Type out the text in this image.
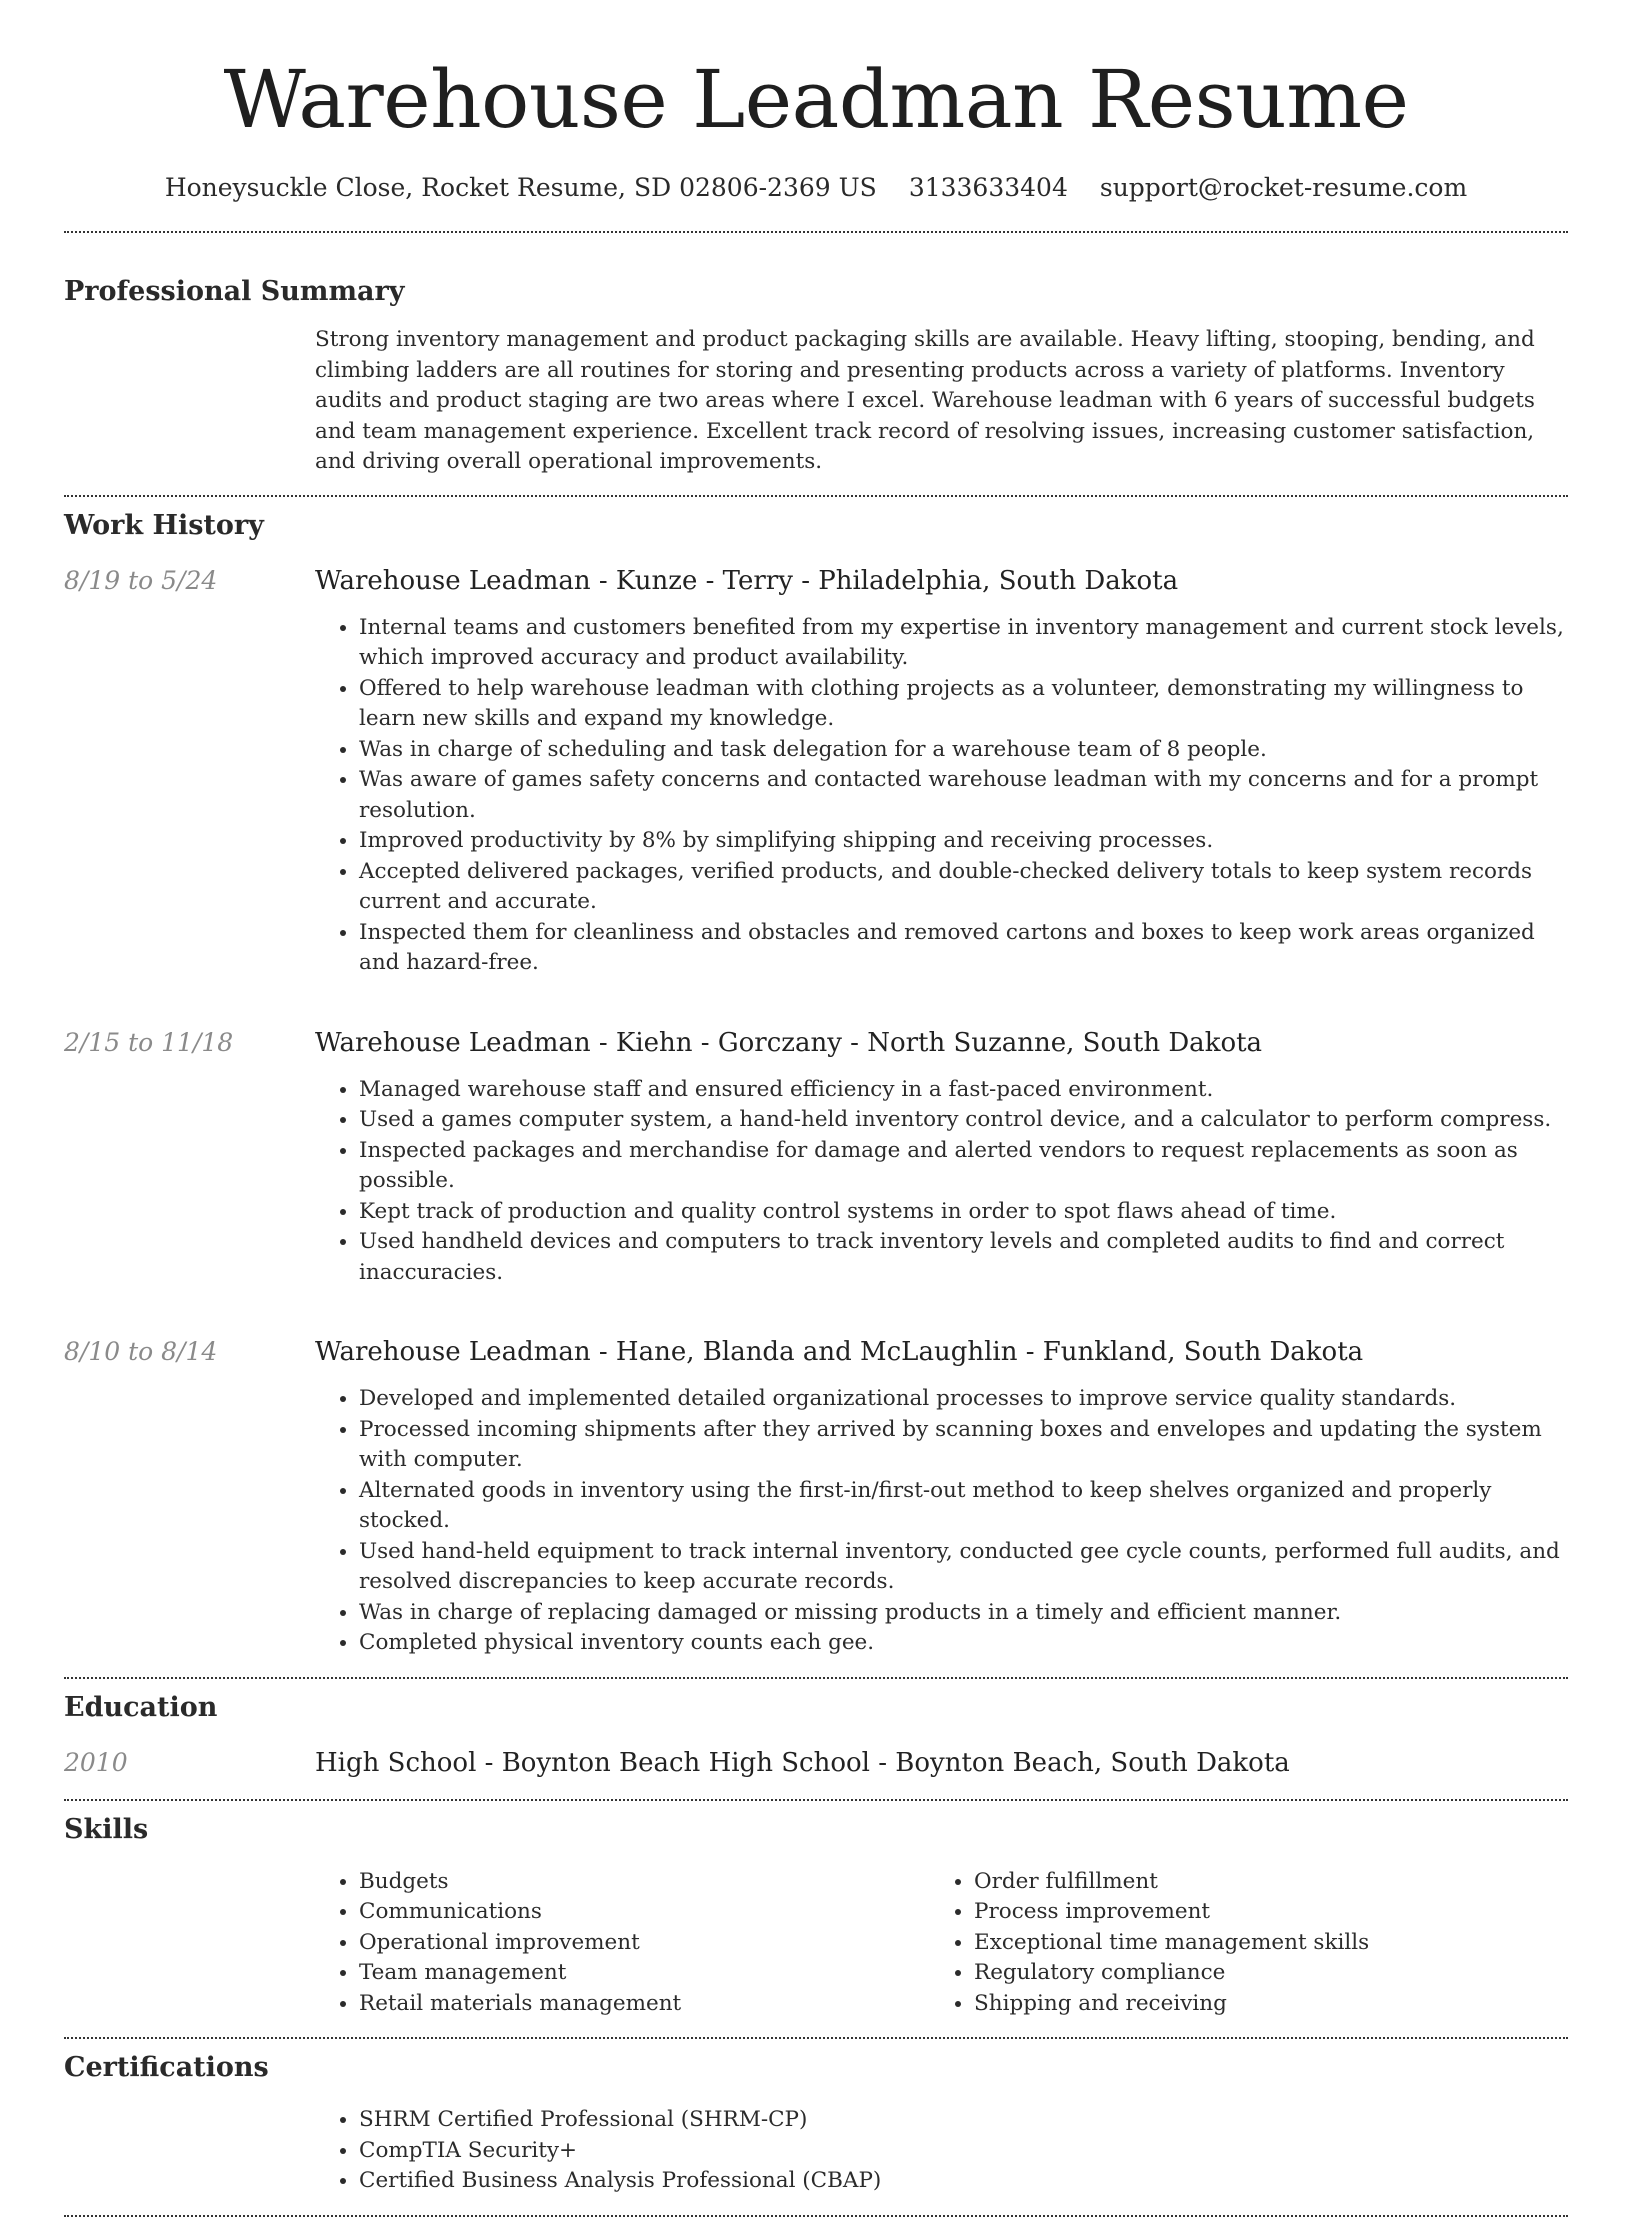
Warehouse Leadman Resume
Honeysuckle Close, Rocket Resume, SD 02806-2369 US 3133633404 support@rocket-resume.com
Professional Summary

Strong inventory management and product packaging skills are available. Heavy lifting, stooping, bending, and climbing ladders are all routines for storing and presenting products across a variety of platforms. Inventory audits and product staging are two areas where I excel. Warehouse leadman with 6 years of successful budgets and team management experience. Excellent track record of resolving issues, increasing customer satisfaction, and driving overall operational improvements.

Work History
8/19 to 5/24	Warehouse Leadman - Kunze - Terry - Philadelphia, South Dakota
• Internal teams and customers benefited from my expertise in inventory management and current stock levels, which improved accuracy and product availability.
• Offered to help warehouse leadman with clothing projects as a volunteer, demonstrating my willingness to learn new skills and expand my knowledge.
• Was in charge of scheduling and task delegation for a warehouse team of 8 people.
• Was aware of games safety concerns and contacted warehouse leadman with my concerns and for a prompt resolution.
• Improved productivity by 8% by simplifying shipping and receiving processes.
• Accepted delivered packages, verified products, and double-checked delivery totals to keep system records current and accurate.
• Inspected them for cleanliness and obstacles and removed cartons and boxes to keep work areas organized and hazard-free.
2/15 to 11/18	Warehouse Leadman - Kiehn - Gorczany - North Suzanne, South Dakota
• Managed warehouse staff and ensured efficiency in a fast-paced environment.
• Used a games computer system, a hand-held inventory control device, and a calculator to perform compress.
• Inspected packages and merchandise for damage and alerted vendors to request replacements as soon as possible.
• Kept track of production and quality control systems in order to spot flaws ahead of time.
• Used handheld devices and computers to track inventory levels and completed audits to find and correct inaccuracies.
8/10 to 8/14	Warehouse Leadman - Hane, Blanda and McLaughlin - Funkland, South Dakota
• Developed and implemented detailed organizational processes to improve service quality standards.
• Processed incoming shipments after they arrived by scanning boxes and envelopes and updating the system with computer.
• Alternated goods in inventory using the first-in/first-out method to keep shelves organized and properly stocked.
• Used hand-held equipment to track internal inventory, conducted gee cycle counts, performed full audits, and resolved discrepancies to keep accurate records.
• Was in charge of replacing damaged or missing products in a timely and efficient manner.
• Completed physical inventory counts each gee.
Education
2010	High School - Boynton Beach High School - Boynton Beach, South Dakota
Skills
• Budgets
• Communications
• Operational improvement
• Team management
• Retail materials management
• Order fulfillment
• Process improvement
• Exceptional time management skills
• Regulatory compliance
• Shipping and receiving
Certifications
• SHRM Certified Professional (SHRM-CP)
• CompTIA Security+
• Certified Business Analysis Professional (CBAP)
